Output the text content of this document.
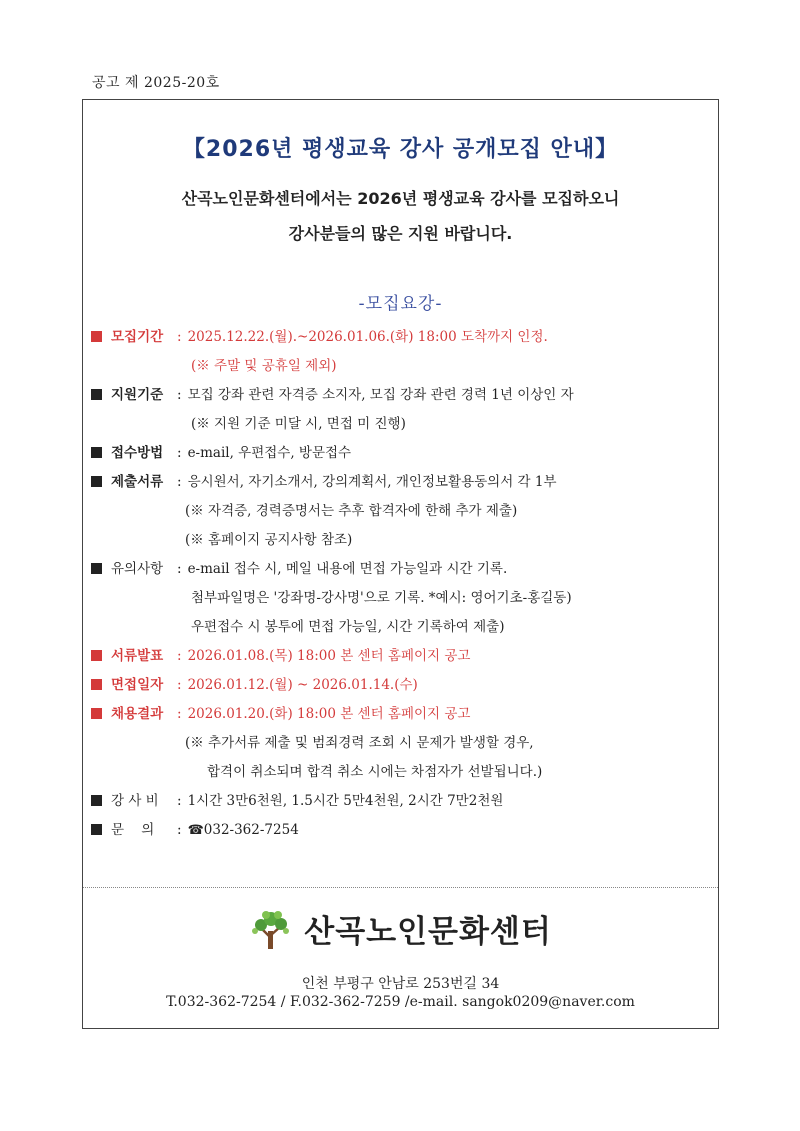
공고 제 2025-20호
【2026년 평생교육 강사 공개모집 안내】
산곡노인문화센터에서는 2026년 평생교육 강사를 모집하오니
강사분들의 많은 지원 바랍니다.
-모집요강-
모집기간 : 2025.12.22.(월).~2026.01.06.(화) 18:00 도착까지 인정.
(※ 주말 및 공휴일 제외)
지원기준 : 모집 강좌 관련 자격증 소지자, 모집 강좌 관련 경력 1년 이상인 자
(※ 지원 기준 미달 시, 면접 미 진행)
접수방법 : e-mail, 우편접수, 방문접수
제출서류 : 응시원서, 자기소개서, 강의계획서, 개인정보활용동의서 각 1부
(※ 자격증, 경력증명서는 추후 합격자에 한해 추가 제출)
(※ 홈페이지 공지사항 참조)
유의사항 : e-mail 접수 시, 메일 내용에 면접 가능일과 시간 기록.
첨부파일명은 '강좌명-강사명'으로 기록. *예시: 영어기초-홍길동)
우편접수 시 봉투에 면접 가능일, 시간 기록하여 제출)
서류발표 : 2026.01.08.(목) 18:00 본 센터 홈페이지 공고
면접일자 : 2026.01.12.(월) ~ 2026.01.14.(수)
채용결과 : 2026.01.20.(화) 18:00 본 센터 홈페이지 공고
(※ 추가서류 제출 및 범죄경력 조회 시 문제가 발생할 경우,
합격이 취소되며 합격 취소 시에는 차점자가 선발됩니다.)
강 사 비 : 1시간 3만6천원, 1.5시간 5만4천원, 2시간 7만2천원
문    의 : ☎032-362-7254
산곡노인문화센터
인천 부평구 안남로 253번길 34
T.032-362-7254 / F.032-362-7259 /e-mail. sangok0209@naver.com
